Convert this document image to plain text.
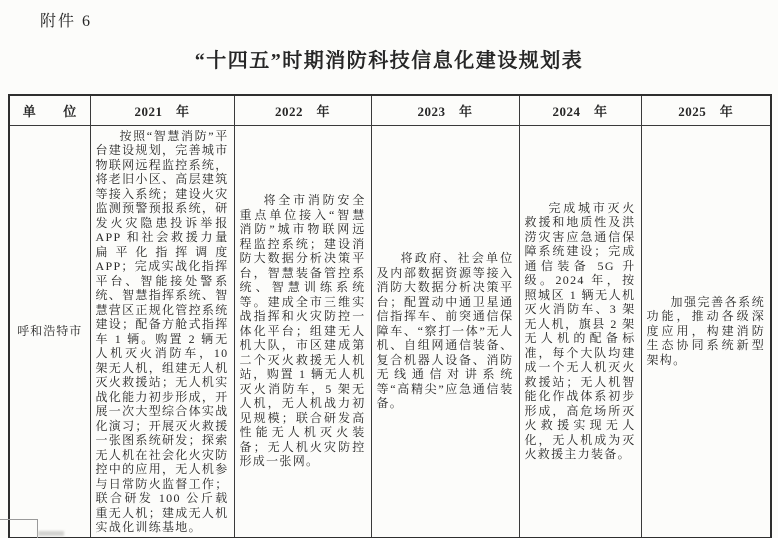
附件 6
“十四五”时期消防科技信息化建设规划表
单　　位	2021　年	2022　年	2023　年	2024　年	2025　年
呼和浩特市	按照“智慧消防”平台建设规划，完善城市物联网远程监控系统，将老旧小区、高层建筑等接入系统；建设火灾监测预警预报系统，研发火灾隐患投诉举报 APP 和社会救援力量扁平化指挥调度 APP；完成实战化指挥平台、智能接处警系统、智慧指挥系统、智慧营区正规化管控系统建设；配备方舱式指挥车 1 辆。购置 2 辆无人机灭火消防车，10 架无人机，组建无人机灭火救援站；无人机实战化能力初步形成，开展一次大型综合体实战化演习；开展灭火救援一张图系统研发；探索无人机在社会化火灾防控中的应用，无人机参与日常防火监督工作；联合研发 100 公斤载重无人机；建成无人机实战化训练基地。	将全市消防安全重点单位接入“智慧消防”城市物联网远程监控系统；建设消防大数据分析决策平台，智慧装备管控系统、智慧训练系统等。建成全市三维实战指挥和火灾防控一体化平台；组建无人机大队，市区建成第二个灭火救援无人机站，购置 1 辆无人机灭火消防车，5 架无人机，无人机战力初见规模；联合研发高性能无人机灭火装备；无人机火灾防控形成一张网。	将政府、社会单位及内部数据资源等接入消防大数据分析决策平台；配置动中通卫星通信指挥车、前突通信保障车、“察打一体”无人机、自组网通信装备、复合机器人设备、消防无线通信对讲系统等“高精尖”应急通信装备。	完成城市灭火救援和地质性及洪涝灾害应急通信保障系统建设；完成通信装备 5G 升级。2024 年，按照城区 1 辆无人机灭火消防车、3 架无人机，旗县 2 架无人机的配备标准，每个大队均建成一个无人机灭火救援站；无人机智能化作战体系初步形成，高危场所灭火救援实现无人化，无人机成为灭火救援主力装备。	加强完善各系统功能，推动各级深度应用，构建消防生态协同系统新型架构。
